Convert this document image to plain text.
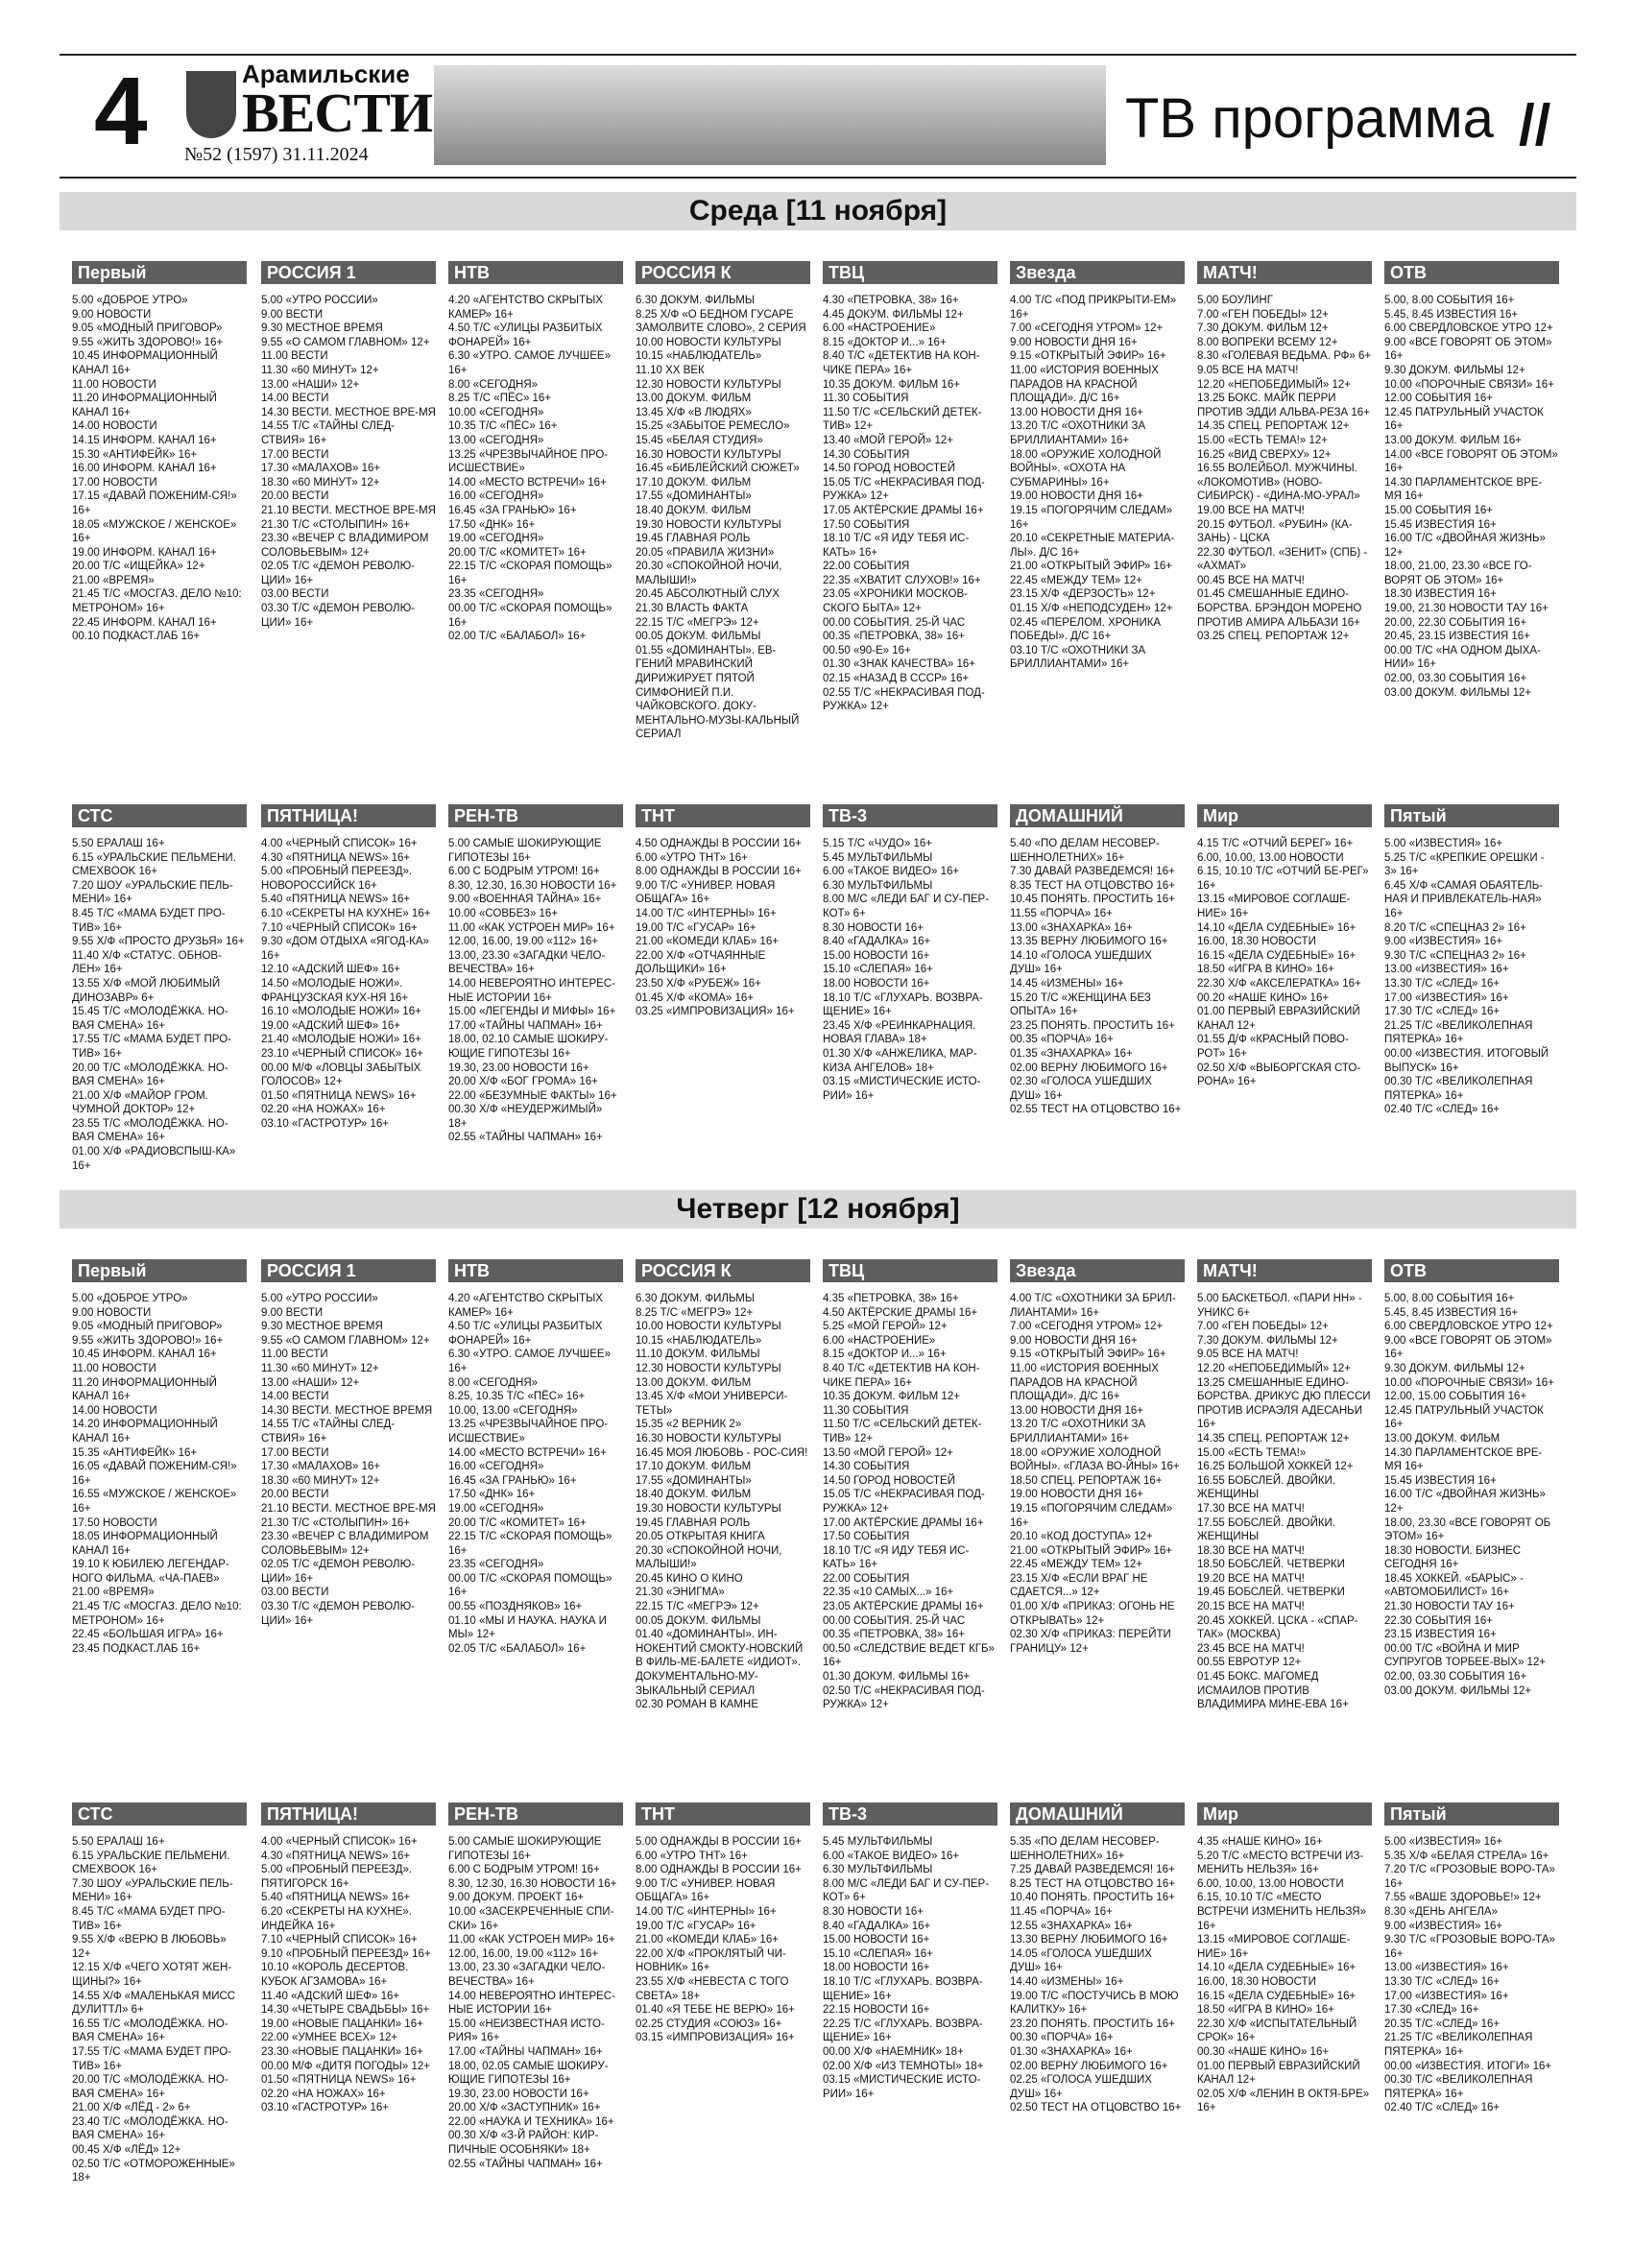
4	Арамильские
ВЕСТИ
№52 (1597) 31.11.2024
ТВ программа //
Среда [11 ноября]
Первый
5.00 «ДОБРОЕ УТРО»
9.00 НОВОСТИ
9.05 «МОДНЫЙ ПРИГОВОР»
9.55 «ЖИТЬ ЗДОРОВО!» 16+
10.45 ИНФОРМАЦИОННЫЙ КАНАЛ 16+
11.00 НОВОСТИ
11.20 ИНФОРМАЦИОННЫЙ КАНАЛ 16+
14.00 НОВОСТИ
14.15 ИНФОРМ. КАНАЛ 16+
15.30 «АНТИФЕЙК» 16+
16.00 ИНФОРМ. КАНАЛ 16+
17.00 НОВОСТИ
17.15 «ДАВАЙ ПОЖЕНИМ-СЯ!» 16+
18.05 «МУЖСКОЕ / ЖЕНСКОЕ» 16+
19.00 ИНФОРМ. КАНАЛ 16+
20.00 Т/С «ИЩЕЙКА» 12+
21.00 «ВРЕМЯ»
21.45 Т/С «МОСГАЗ. ДЕЛО №10: МЕТРОНОМ» 16+
22.45 ИНФОРМ. КАНАЛ 16+
00.10 ПОДКАСТ.ЛАБ 16+
СТС
5.50 ЕРАЛАШ 16+
6.15 «УРАЛЬСКИЕ ПЕЛЬМЕНИ. СМЕХBOOK 16+
7.20 ШОУ «УРАЛЬСКИЕ ПЕЛЬ-МЕНИ» 16+
8.45 Т/С «МАМА БУДЕТ ПРО-ТИВ» 16+
9.55 Х/Ф «ПРОСТО ДРУЗЬЯ» 16+
11.40 Х/Ф «СТАТУС. ОБНОВ-ЛЕН» 16+
13.55 Х/Ф «МОЙ ЛЮБИМЫЙ ДИНОЗАВР» 6+
15.45 Т/С «МОЛОДЁЖКА. НО-ВАЯ СМЕНА» 16+
17.55 Т/С «МАМА БУДЕТ ПРО-ТИВ» 16+
20.00 Т/С «МОЛОДЁЖКА. НО-ВАЯ СМЕНА» 16+
21.00 Х/Ф «МАЙОР ГРОМ. ЧУМНОЙ ДОКТОР» 12+
23.55 Т/С «МОЛОДЁЖКА. НО-ВАЯ СМЕНА» 16+
01.00 Х/Ф «РАДИОВСПЫШ-КА» 16+
РОССИЯ 1
5.00 «УТРО РОССИИ»
9.00 ВЕСТИ
9.30 МЕСТНОЕ ВРЕМЯ
9.55 «О САМОМ ГЛАВНОМ» 12+
11.00 ВЕСТИ
11.30 «60 МИНУТ» 12+
13.00 «НАШИ» 12+
14.00 ВЕСТИ
14.30 ВЕСТИ. МЕСТНОЕ ВРЕ-МЯ
14.55 Т/С «ТАЙНЫ СЛЕД-СТВИЯ» 16+
17.00 ВЕСТИ
17.30 «МАЛАХОВ» 16+
18.30 «60 МИНУТ» 12+
20.00 ВЕСТИ
21.10 ВЕСТИ. МЕСТНОЕ ВРЕ-МЯ
21.30 Т/С «СТОЛЫПИН» 16+
23.30 «ВЕЧЕР С ВЛАДИМИРОМ СОЛОВЬЕВЫМ» 12+
02.05 Т/С «ДЕМОН РЕВОЛЮ-ЦИИ» 16+
03.00 ВЕСТИ
03.30 Т/С «ДЕМОН РЕВОЛЮ-ЦИИ» 16+
ПЯТНИЦА!
4.00 «ЧЕРНЫЙ СПИСОК» 16+
4.30 «ПЯТНИЦА NEWS» 16+
5.00 «ПРОБНЫЙ ПЕРЕЕЗД». НОВОРОССИЙСК 16+
5.40 «ПЯТНИЦА NEWS» 16+
6.10 «СЕКРЕТЫ НА КУХНЕ» 16+
7.10 «ЧЕРНЫЙ СПИСОК» 16+
9.30 «ДОМ ОТДЫХА «ЯГОД-КА» 16+
12.10 «АДСКИЙ ШЕФ» 16+
14.50 «МОЛОДЫЕ НОЖИ». ФРАНЦУЗСКАЯ КУХ-НЯ 16+
16.10 «МОЛОДЫЕ НОЖИ» 16+
19.00 «АДСКИЙ ШЕФ» 16+
21.40 «МОЛОДЫЕ НОЖИ» 16+
23.10 «ЧЕРНЫЙ СПИСОК» 16+
00.00 М/Ф «ЛОВЦЫ ЗАБЫТЫХ ГОЛОСОВ» 12+
01.50 «ПЯТНИЦА NEWS» 16+
02.20 «НА НОЖАХ» 16+
03.10 «ГАСТРОТУР» 16+
НТВ
4.20 «АГЕНТСТВО СКРЫТЫХ КАМЕР» 16+
4.50 Т/С «УЛИЦЫ РАЗБИТЫХ ФОНАРЕЙ» 16+
6.30 «УТРО. САМОЕ ЛУЧШЕЕ» 16+
8.00 «СЕГОДНЯ»
8.25 Т/С «ПЁС» 16+
10.00 «СЕГОДНЯ»
10.35 Т/С «ПЁС» 16+
13.00 «СЕГОДНЯ»
13.25 «ЧРЕЗВЫЧАЙНОЕ ПРО-ИСШЕСТВИЕ»
14.00 «МЕСТО ВСТРЕЧИ» 16+
16.00 «СЕГОДНЯ»
16.45 «ЗА ГРАНЬЮ» 16+
17.50 «ДНК» 16+
19.00 «СЕГОДНЯ»
20.00 Т/С «КОМИТЕТ» 16+
22.15 Т/С «СКОРАЯ ПОМОЩЬ» 16+
23.35 «СЕГОДНЯ»
00.00 Т/С «СКОРАЯ ПОМОЩЬ» 16+
02.00 Т/С «БАЛАБОЛ» 16+
РЕН-ТВ
5.00 САМЫЕ ШОКИРУЮЩИЕ ГИПОТЕЗЫ 16+
6.00 С БОДРЫМ УТРОМ! 16+
8.30, 12.30, 16.30 НОВОСТИ 16+
9.00 «ВОЕННАЯ ТАЙНА» 16+
10.00 «СОВБЕЗ» 16+
11.00 «КАК УСТРОЕН МИР» 16+
12.00, 16.00, 19.00 «112» 16+
13.00, 23.30 «ЗАГАДКИ ЧЕЛО-ВЕЧЕСТВА» 16+
14.00 НЕВЕРОЯТНО ИНТЕРЕС-НЫЕ ИСТОРИИ 16+
15.00 «ЛЕГЕНДЫ И МИФЫ» 16+
17.00 «ТАЙНЫ ЧАПМАН» 16+
18.00, 02.10 САМЫЕ ШОКИРУ-ЮЩИЕ ГИПОТЕЗЫ 16+
19.30, 23.00 НОВОСТИ 16+
20.00 Х/Ф «БОГ ГРОМА» 16+
22.00 «БЕЗУМНЫЕ ФАКТЫ» 16+
00.30 Х/Ф «НЕУДЕРЖИМЫЙ» 18+
02.55 «ТАЙНЫ ЧАПМАН» 16+
РОССИЯ К
6.30 ДОКУМ. ФИЛЬМЫ
8.25 Х/Ф «О БЕДНОМ ГУСАРЕ ЗАМОЛВИТЕ СЛОВО», 2 СЕРИЯ
10.00 НОВОСТИ КУЛЬТУРЫ
10.15 «НАБЛЮДАТЕЛЬ»
11.10 XX ВЕК
12.30 НОВОСТИ КУЛЬТУРЫ
13.00 ДОКУМ. ФИЛЬМ
13.45 Х/Ф «В ЛЮДЯХ»
15.25 «ЗАБЫТОЕ РЕМЕСЛО»
15.45 «БЕЛАЯ СТУДИЯ»
16.30 НОВОСТИ КУЛЬТУРЫ
16.45 «БИБЛЕЙСКИЙ СЮЖЕТ»
17.10 ДОКУМ. ФИЛЬМ
17.55 «ДОМИНАНТЫ»
18.40 ДОКУМ. ФИЛЬМ
19.30 НОВОСТИ КУЛЬТУРЫ
19.45 ГЛАВНАЯ РОЛЬ
20.05 «ПРАВИЛА ЖИЗНИ»
20.30 «СПОКОЙНОЙ НОЧИ, МАЛЫШИ!»
20.45 АБСОЛЮТНЫЙ СЛУХ
21.30 ВЛАСТЬ ФАКТА
22.15 Т/С «МЕГРЭ» 12+
00.05 ДОКУМ. ФИЛЬМЫ
01.55 «ДОМИНАНТЫ». ЕВ-ГЕНИЙ МРАВИНСКИЙ ДИРИЖИРУЕТ ПЯТОЙ СИМФОНИЕЙ П.И. ЧАЙКОВСКОГО. ДОКУ-МЕНТАЛЬНО-МУЗЫ-КАЛЬНЫЙ СЕРИАЛ
ТНТ
4.50 ОДНАЖДЫ В РОССИИ 16+
6.00 «УТРО ТНТ» 16+
8.00 ОДНАЖДЫ В РОССИИ 16+
9.00 Т/С «УНИВЕР. НОВАЯ ОБЩАГА» 16+
14.00 Т/С «ИНТЕРНЫ» 16+
19.00 Т/С «ГУСАР» 16+
21.00 «КОМЕДИ КЛАБ» 16+
22.00 Х/Ф «ОТЧАЯННЫЕ ДОЛЬЩИКИ» 16+
23.50 Х/Ф «РУБЕЖ» 16+
01.45 Х/Ф «КОМА» 16+
03.25 «ИМПРОВИЗАЦИЯ» 16+
ТВЦ
4.30 «ПЕТРОВКА, 38» 16+
4.45 ДОКУМ. ФИЛЬМЫ 12+
6.00 «НАСТРОЕНИЕ»
8.15 «ДОКТОР И...» 16+
8.40 Т/С «ДЕТЕКТИВ НА КОН-ЧИКЕ ПЕРА» 16+
10.35 ДОКУМ. ФИЛЬМ 16+
11.30 СОБЫТИЯ
11.50 Т/С «СЕЛЬСКИЙ ДЕТЕК-ТИВ» 12+
13.40 «МОЙ ГЕРОЙ» 12+
14.30 СОБЫТИЯ
14.50 ГОРОД НОВОСТЕЙ
15.05 Т/С «НЕКРАСИВАЯ ПОД-РУЖКА» 12+
17.05 АКТЁРСКИЕ ДРАМЫ 16+
17.50 СОБЫТИЯ
18.10 Т/С «Я ИДУ ТЕБЯ ИС-КАТЬ» 16+
22.00 СОБЫТИЯ
22.35 «ХВАТИТ СЛУХОВ!» 16+
23.05 «ХРОНИКИ МОСКОВ-СКОГО БЫТА» 12+
00.00 СОБЫТИЯ. 25-Й ЧАС
00.35 «ПЕТРОВКА, 38» 16+
00.50 «90-Е» 16+
01.30 «ЗНАК КАЧЕСТВА» 16+
02.15 «НАЗАД В СССР» 16+
02.55 Т/С «НЕКРАСИВАЯ ПОД-РУЖКА» 12+
ТВ-3
5.15 Т/С «ЧУДО» 16+
5.45 МУЛЬТФИЛЬМЫ
6.00 «ТАКОЕ ВИДЕО» 16+
6.30 МУЛЬТФИЛЬМЫ
8.00 М/С «ЛЕДИ БАГ И СУ-ПЕР-КОТ» 6+
8.30 НОВОСТИ 16+
8.40 «ГАДАЛКА» 16+
15.00 НОВОСТИ 16+
15.10 «СЛЕПАЯ» 16+
18.00 НОВОСТИ 16+
18.10 Т/С «ГЛУХАРЬ. ВОЗВРА-ЩЕНИЕ» 16+
23.45 Х/Ф «РЕИНКАРНАЦИЯ. НОВАЯ ГЛАВА» 18+
01.30 Х/Ф «АНЖЕЛИКА, МАР-КИЗА АНГЕЛОВ» 18+
03.15 «МИСТИЧЕСКИЕ ИСТО-РИИ» 16+
Звезда
4.00 Т/С «ПОД ПРИКРЫТИ-ЕМ» 16+
7.00 «СЕГОДНЯ УТРОМ» 12+
9.00 НОВОСТИ ДНЯ 16+
9.15 «ОТКРЫТЫЙ ЭФИР» 16+
11.00 «ИСТОРИЯ ВОЕННЫХ ПАРАДОВ НА КРАСНОЙ ПЛОЩАДИ». Д/С 16+
13.00 НОВОСТИ ДНЯ 16+
13.20 Т/С «ОХОТНИКИ ЗА БРИЛЛИАНТАМИ» 16+
18.00 «ОРУЖИЕ ХОЛОДНОЙ ВОЙНЫ». «ОХОТА НА СУБМАРИНЫ» 16+
19.00 НОВОСТИ ДНЯ 16+
19.15 «ПОГОРЯЧИМ СЛЕДАМ» 16+
20.10 «СЕКРЕТНЫЕ МАТЕРИА-ЛЫ». Д/С 16+
21.00 «ОТКРЫТЫЙ ЭФИР» 16+
22.45 «МЕЖДУ ТЕМ» 12+
23.15 Х/Ф «ДЕРЗОСТЬ» 12+
01.15 Х/Ф «НЕПОДСУДЕН» 12+
02.45 «ПЕРЕЛОМ. ХРОНИКА ПОБЕДЫ». Д/С 16+
03.10 Т/С «ОХОТНИКИ ЗА БРИЛЛИАНТАМИ» 16+
ДОМАШНИЙ
5.40 «ПО ДЕЛАМ НЕСОВЕР-ШЕННОЛЕТНИХ» 16+
7.30 ДАВАЙ РАЗВЕДЕМСЯ! 16+
8.35 ТЕСТ НА ОТЦОВСТВО 16+
10.45 ПОНЯТЬ. ПРОСТИТЬ 16+
11.55 «ПОРЧА» 16+
13.00 «ЗНАХАРКА» 16+
13.35 ВЕРНУ ЛЮБИМОГО 16+
14.10 «ГОЛОСА УШЕДШИХ ДУШ» 16+
14.45 «ИЗМЕНЫ» 16+
15.20 Т/С «ЖЕНЩИНА БЕЗ ОПЫТА» 16+
23.25 ПОНЯТЬ. ПРОСТИТЬ 16+
00.35 «ПОРЧА» 16+
01.35 «ЗНАХАРКА» 16+
02.00 ВЕРНУ ЛЮБИМОГО 16+
02.30 «ГОЛОСА УШЕДШИХ ДУШ» 16+
02.55 ТЕСТ НА ОТЦОВСТВО 16+
МАТЧ!
5.00 БОУЛИНГ
7.00 «ГЕН ПОБЕДЫ» 12+
7.30 ДОКУМ. ФИЛЬМ 12+
8.00 ВОПРЕКИ ВСЕМУ 12+
8.30 «ГОЛЕВАЯ ВЕДЬМА. РФ» 6+
9.05 ВСЕ НА МАТЧ!
12.20 «НЕПОБЕДИМЫЙ» 12+
13.25 БОКС. МАЙК ПЕРРИ ПРОТИВ ЭДДИ АЛЬВА-РЕЗА 16+
14.35 СПЕЦ. РЕПОРТАЖ 12+
15.00 «ЕСТЬ ТЕМА!» 12+
16.25 «ВИД СВЕРХУ» 12+
16.55 ВОЛЕЙБОЛ. МУЖЧИНЫ. «ЛОКОМОТИВ» (НОВО-СИБИРСК) - «ДИНА-МО-УРАЛ»
19.00 ВСЕ НА МАТЧ!
20.15 ФУТБОЛ. «РУБИН» (КА-ЗАНЬ) - ЦСКА
22.30 ФУТБОЛ. «ЗЕНИТ» (СПБ) - «АХМАТ»
00.45 ВСЕ НА МАТЧ!
01.45 СМЕШАННЫЕ ЕДИНО-БОРСТВА. БРЭНДОН МОРЕНО ПРОТИВ АМИРА АЛЬБАЗИ 16+
03.25 СПЕЦ. РЕПОРТАЖ 12+
Мир
4.15 Т/С «ОТЧИЙ БЕРЕГ» 16+
6.00, 10.00, 13.00 НОВОСТИ
6.15, 10.10 Т/С «ОТЧИЙ БЕ-РЕГ» 16+
13.15 «МИРОВОЕ СОГЛАШЕ-НИЕ» 16+
14.10 «ДЕЛА СУДЕБНЫЕ» 16+
16.00, 18.30 НОВОСТИ
16.15 «ДЕЛА СУДЕБНЫЕ» 16+
18.50 «ИГРА В КИНО» 16+
22.30 Х/Ф «АКСЕЛЕРАТКА» 16+
00.20 «НАШЕ КИНО» 16+
01.00 ПЕРВЫЙ ЕВРАЗИЙСКИЙ КАНАЛ 12+
01.55 Д/Ф «КРАСНЫЙ ПОВО-РОТ» 16+
02.50 Х/Ф «ВЫБОРГСКАЯ СТО-РОНА» 16+
ОТВ
5.00, 8.00 СОБЫТИЯ 16+
5.45, 8.45 ИЗВЕСТИЯ 16+
6.00 СВЕРДЛОВСКОЕ УТРО 12+
9.00 «ВСЕ ГОВОРЯТ ОБ ЭТОМ» 16+
9.30 ДОКУМ. ФИЛЬМЫ 12+
10.00 «ПОРОЧНЫЕ СВЯЗИ» 16+
12.00 СОБЫТИЯ 16+
12.45 ПАТРУЛЬНЫЙ УЧАСТОК 16+
13.00 ДОКУМ. ФИЛЬМ 16+
14.00 «ВСЕ ГОВОРЯТ ОБ ЭТОМ» 16+
14.30 ПАРЛАМЕНТСКОЕ ВРЕ-МЯ 16+
15.00 СОБЫТИЯ 16+
15.45 ИЗВЕСТИЯ 16+
16.00 Т/С «ДВОЙНАЯ ЖИЗНЬ» 12+
18.00, 21.00, 23.30 «ВСЕ ГО-ВОРЯТ ОБ ЭТОМ» 16+
18.30 ИЗВЕСТИЯ 16+
19.00, 21.30 НОВОСТИ ТАУ 16+
20.00, 22.30 СОБЫТИЯ 16+
20.45, 23.15 ИЗВЕСТИЯ 16+
00.00 Т/С «НА ОДНОМ ДЫХА-НИИ» 16+
02.00, 03.30 СОБЫТИЯ 16+
03.00 ДОКУМ. ФИЛЬМЫ 12+
Пятый
5.00 «ИЗВЕСТИЯ» 16+
5.25 Т/С «КРЕПКИЕ ОРЕШКИ - 3» 16+
6.45 Х/Ф «САМАЯ ОБАЯТЕЛЬ-НАЯ И ПРИВЛЕКАТЕЛЬ-НАЯ» 16+
8.20 Т/С «СПЕЦНАЗ 2» 16+
9.00 «ИЗВЕСТИЯ» 16+
9.30 Т/С «СПЕЦНАЗ 2» 16+
13.00 «ИЗВЕСТИЯ» 16+
13.30 Т/С «СЛЕД» 16+
17.00 «ИЗВЕСТИЯ» 16+
17.30 Т/С «СЛЕД» 16+
21.25 Т/С «ВЕЛИКОЛЕПНАЯ ПЯТЕРКА» 16+
00.00 «ИЗВЕСТИЯ. ИТОГОВЫЙ ВЫПУСК» 16+
00.30 Т/С «ВЕЛИКОЛЕПНАЯ ПЯТЕРКА» 16+
02.40 Т/С «СЛЕД» 16+
Четверг [12 ноября]
Первый
5.00 «ДОБРОЕ УТРО»
9.00 НОВОСТИ
9.05 «МОДНЫЙ ПРИГОВОР»
9.55 «ЖИТЬ ЗДОРОВО!» 16+
10.45 ИНФОРМ. КАНАЛ 16+
11.00 НОВОСТИ
11.20 ИНФОРМАЦИОННЫЙ КАНАЛ 16+
14.00 НОВОСТИ
14.20 ИНФОРМАЦИОННЫЙ КАНАЛ 16+
15.35 «АНТИФЕЙК» 16+
16.05 «ДАВАЙ ПОЖЕНИМ-СЯ!» 16+
16.55 «МУЖСКОЕ / ЖЕНСКОЕ» 16+
17.50 НОВОСТИ
18.05 ИНФОРМАЦИОННЫЙ КАНАЛ 16+
19.10 К ЮБИЛЕЮ ЛЕГЕНДАР-НОГО ФИЛЬМА. «ЧА-ПАЕВ»
21.00 «ВРЕМЯ»
21.45 Т/С «МОСГАЗ. ДЕЛО №10: МЕТРОНОМ» 16+
22.45 «БОЛЬШАЯ ИГРА» 16+
23.45 ПОДКАСТ.ЛАБ 16+
СТС
5.50 ЕРАЛАШ 16+
6.15 УРАЛЬСКИЕ ПЕЛЬМЕНИ. СМЕХBOOK 16+
7.30 ШОУ «УРАЛЬСКИЕ ПЕЛЬ-МЕНИ» 16+
8.45 Т/С «МАМА БУДЕТ ПРО-ТИВ» 16+
9.55 Х/Ф «ВЕРЮ В ЛЮБОВЬ» 12+
12.15 Х/Ф «ЧЕГО ХОТЯТ ЖЕН-ЩИНЫ?» 16+
14.55 Х/Ф «МАЛЕНЬКАЯ МИСС ДУЛИТТЛ» 6+
16.55 Т/С «МОЛОДЁЖКА. НО-ВАЯ СМЕНА» 16+
17.55 Т/С «МАМА БУДЕТ ПРО-ТИВ» 16+
20.00 Т/С «МОЛОДЁЖКА. НО-ВАЯ СМЕНА» 16+
21.00 Х/Ф «ЛЁД - 2» 6+
23.40 Т/С «МОЛОДЁЖКА. НО-ВАЯ СМЕНА» 16+
00.45 Х/Ф «ЛЁД» 12+
02.50 Т/С «ОТМОРОЖЕННЫЕ» 18+
РОССИЯ 1
5.00 «УТРО РОССИИ»
9.00 ВЕСТИ
9.30 МЕСТНОЕ ВРЕМЯ
9.55 «О САМОМ ГЛАВНОМ» 12+
11.00 ВЕСТИ
11.30 «60 МИНУТ» 12+
13.00 «НАШИ» 12+
14.00 ВЕСТИ
14.30 ВЕСТИ. МЕСТНОЕ ВРЕМЯ
14.55 Т/С «ТАЙНЫ СЛЕД-СТВИЯ» 16+
17.00 ВЕСТИ
17.30 «МАЛАХОВ» 16+
18.30 «60 МИНУТ» 12+
20.00 ВЕСТИ
21.10 ВЕСТИ. МЕСТНОЕ ВРЕ-МЯ
21.30 Т/С «СТОЛЫПИН» 16+
23.30 «ВЕЧЕР С ВЛАДИМИРОМ СОЛОВЬЕВЫМ» 12+
02.05 Т/С «ДЕМОН РЕВОЛЮ-ЦИИ» 16+
03.00 ВЕСТИ
03.30 Т/С «ДЕМОН РЕВОЛЮ-ЦИИ» 16+
ПЯТНИЦА!
4.00 «ЧЕРНЫЙ СПИСОК» 16+
4.30 «ПЯТНИЦА NEWS» 16+
5.00 «ПРОБНЫЙ ПЕРЕЕЗД». ПЯТИГОРСК 16+
5.40 «ПЯТНИЦА NEWS» 16+
6.20 «СЕКРЕТЫ НА КУХНЕ». ИНДЕЙКА 16+
7.10 «ЧЕРНЫЙ СПИСОК» 16+
9.10 «ПРОБНЫЙ ПЕРЕЕЗД» 16+
10.10 «КОРОЛЬ ДЕСЕРТОВ. КУБОК АГЗАМОВА» 16+
11.40 «АДСКИЙ ШЕФ» 16+
14.30 «ЧЕТЫРЕ СВАДЬБЫ» 16+
19.00 «НОВЫЕ ПАЦАНКИ» 16+
22.00 «УМНЕЕ ВСЕХ» 12+
23.30 «НОВЫЕ ПАЦАНКИ» 16+
00.00 М/Ф «ДИТЯ ПОГОДЫ» 12+
01.50 «ПЯТНИЦА NEWS» 16+
02.20 «НА НОЖАХ» 16+
03.10 «ГАСТРОТУР» 16+
НТВ
4.20 «АГЕНТСТВО СКРЫТЫХ КАМЕР» 16+
4.50 Т/С «УЛИЦЫ РАЗБИТЫХ ФОНАРЕЙ» 16+
6.30 «УТРО. САМОЕ ЛУЧШЕЕ» 16+
8.00 «СЕГОДНЯ»
8.25, 10.35 Т/С «ПЁС» 16+
10.00, 13.00 «СЕГОДНЯ»
13.25 «ЧРЕЗВЫЧАЙНОЕ ПРО-ИСШЕСТВИЕ»
14.00 «МЕСТО ВСТРЕЧИ» 16+
16.00 «СЕГОДНЯ»
16.45 «ЗА ГРАНЬЮ» 16+
17.50 «ДНК» 16+
19.00 «СЕГОДНЯ»
20.00 Т/С «КОМИТЕТ» 16+
22.15 Т/С «СКОРАЯ ПОМОЩЬ» 16+
23.35 «СЕГОДНЯ»
00.00 Т/С «СКОРАЯ ПОМОЩЬ» 16+
00.55 «ПОЗДНЯКОВ» 16+
01.10 «МЫ И НАУКА. НАУКА И МЫ» 12+
02.05 Т/С «БАЛАБОЛ» 16+
РЕН-ТВ
5.00 САМЫЕ ШОКИРУЮЩИЕ ГИПОТЕЗЫ 16+
6.00 С БОДРЫМ УТРОМ! 16+
8.30, 12.30, 16.30 НОВОСТИ 16+
9.00 ДОКУМ. ПРОЕКТ 16+
10.00 «ЗАСЕКРЕЧЕННЫЕ СПИ-СКИ» 16+
11.00 «КАК УСТРОЕН МИР» 16+
12.00, 16.00, 19.00 «112» 16+
13.00, 23.30 «ЗАГАДКИ ЧЕЛО-ВЕЧЕСТВА» 16+
14.00 НЕВЕРОЯТНО ИНТЕРЕС-НЫЕ ИСТОРИИ 16+
15.00 «НЕИЗВЕСТНАЯ ИСТО-РИЯ» 16+
17.00 «ТАЙНЫ ЧАПМАН» 16+
18.00, 02.05 САМЫЕ ШОКИРУ-ЮЩИЕ ГИПОТЕЗЫ 16+
19.30, 23.00 НОВОСТИ 16+
20.00 Х/Ф «ЗАСТУПНИК» 16+
22.00 «НАУКА И ТЕХНИКА» 16+
00.30 Х/Ф «З-Й РАЙОН: КИР-ПИЧНЫЕ ОСОБНЯКИ» 18+
02.55 «ТАЙНЫ ЧАПМАН» 16+
РОССИЯ К
6.30 ДОКУМ. ФИЛЬМЫ
8.25 Т/С «МЕГРЭ» 12+
10.00 НОВОСТИ КУЛЬТУРЫ
10.15 «НАБЛЮДАТЕЛЬ»
11.10 ДОКУМ. ФИЛЬМЫ
12.30 НОВОСТИ КУЛЬТУРЫ
13.00 ДОКУМ. ФИЛЬМ
13.45 Х/Ф «МОИ УНИВЕРСИ-ТЕТЫ»
15.35 «2 ВЕРНИК 2»
16.30 НОВОСТИ КУЛЬТУРЫ
16.45 МОЯ ЛЮБОВЬ - РОС-СИЯ!
17.10 ДОКУМ. ФИЛЬМ
17.55 «ДОМИНАНТЫ»
18.40 ДОКУМ. ФИЛЬМ
19.30 НОВОСТИ КУЛЬТУРЫ
19.45 ГЛАВНАЯ РОЛЬ
20.05 ОТКРЫТАЯ КНИГА
20.30 «СПОКОЙНОЙ НОЧИ, МАЛЫШИ!»
20.45 КИНО О КИНО
21.30 «ЭНИГМА»
22.15 Т/С «МЕГРЭ» 12+
00.05 ДОКУМ. ФИЛЬМЫ
01.40 «ДОМИНАНТЫ». ИН-НОКЕНТИЙ СМОКТУ-НОВСКИЙ В ФИЛЬ-МЕ-БАЛЕТЕ «ИДИОТ». ДОКУМЕНТАЛЬНО-МУ-ЗЫКАЛЬНЫЙ СЕРИАЛ
02.30 РОМАН В КАМНЕ
ТНТ
5.00 ОДНАЖДЫ В РОССИИ 16+
6.00 «УТРО ТНТ» 16+
8.00 ОДНАЖДЫ В РОССИИ 16+
9.00 Т/С «УНИВЕР. НОВАЯ ОБЩАГА» 16+
14.00 Т/С «ИНТЕРНЫ» 16+
19.00 Т/С «ГУСАР» 16+
21.00 «КОМЕДИ КЛАБ» 16+
22.00 Х/Ф «ПРОКЛЯТЫЙ ЧИ-НОВНИК» 16+
23.55 Х/Ф «НЕВЕСТА С ТОГО СВЕТА» 18+
01.40 «Я ТЕБЕ НЕ ВЕРЮ» 16+
02.25 СТУДИЯ «СОЮЗ» 16+
03.15 «ИМПРОВИЗАЦИЯ» 16+
ТВЦ
4.35 «ПЕТРОВКА, 38» 16+
4.50 АКТЁРСКИЕ ДРАМЫ 16+
5.25 «МОЙ ГЕРОЙ» 12+
6.00 «НАСТРОЕНИЕ»
8.15 «ДОКТОР И...» 16+
8.40 Т/С «ДЕТЕКТИВ НА КОН-ЧИКЕ ПЕРА» 16+
10.35 ДОКУМ. ФИЛЬМ 12+
11.30 СОБЫТИЯ
11.50 Т/С «СЕЛЬСКИЙ ДЕТЕК-ТИВ» 12+
13.50 «МОЙ ГЕРОЙ» 12+
14.30 СОБЫТИЯ
14.50 ГОРОД НОВОСТЕЙ
15.05 Т/С «НЕКРАСИВАЯ ПОД-РУЖКА» 12+
17.00 АКТЁРСКИЕ ДРАМЫ 16+
17.50 СОБЫТИЯ
18.10 Т/С «Я ИДУ ТЕБЯ ИС-КАТЬ» 16+
22.00 СОБЫТИЯ
22.35 «10 САМЫХ...» 16+
23.05 АКТЁРСКИЕ ДРАМЫ 16+
00.00 СОБЫТИЯ. 25-Й ЧАС
00.35 «ПЕТРОВКА, 38» 16+
00.50 «СЛЕДСТВИЕ ВЕДЕТ КГБ» 16+
01.30 ДОКУМ. ФИЛЬМЫ 16+
02.50 Т/С «НЕКРАСИВАЯ ПОД-РУЖКА» 12+
ТВ-3
5.45 МУЛЬТФИЛЬМЫ
6.00 «ТАКОЕ ВИДЕО» 16+
6.30 МУЛЬТФИЛЬМЫ
8.00 М/С «ЛЕДИ БАГ И СУ-ПЕР-КОТ» 6+
8.30 НОВОСТИ 16+
8.40 «ГАДАЛКА» 16+
15.00 НОВОСТИ 16+
15.10 «СЛЕПАЯ» 16+
18.00 НОВОСТИ 16+
18.10 Т/С «ГЛУХАРЬ. ВОЗВРА-ЩЕНИЕ» 16+
22.15 НОВОСТИ 16+
22.25 Т/С «ГЛУХАРЬ. ВОЗВРА-ЩЕНИЕ» 16+
00.00 Х/Ф «НАЕМНИК» 18+
02.00 Х/Ф «ИЗ ТЕМНОТЫ» 18+
03.15 «МИСТИЧЕСКИЕ ИСТО-РИИ» 16+
Звезда
4.00 Т/С «ОХОТНИКИ ЗА БРИЛ-ЛИАНТАМИ» 16+
7.00 «СЕГОДНЯ УТРОМ» 12+
9.00 НОВОСТИ ДНЯ 16+
9.15 «ОТКРЫТЫЙ ЭФИР» 16+
11.00 «ИСТОРИЯ ВОЕННЫХ ПАРАДОВ НА КРАСНОЙ ПЛОЩАДИ». Д/С 16+
13.00 НОВОСТИ ДНЯ 16+
13.20 Т/С «ОХОТНИКИ ЗА БРИЛЛИАНТАМИ» 16+
18.00 «ОРУЖИЕ ХОЛОДНОЙ ВОЙНЫ». «ГЛАЗА ВО-ЙНЫ» 16+
18.50 СПЕЦ. РЕПОРТАЖ 16+
19.00 НОВОСТИ ДНЯ 16+
19.15 «ПОГОРЯЧИМ СЛЕДАМ» 16+
20.10 «КОД ДОСТУПА» 12+
21.00 «ОТКРЫТЫЙ ЭФИР» 16+
22.45 «МЕЖДУ ТЕМ» 12+
23.15 Х/Ф «ЕСЛИ ВРАГ НЕ СДАЕТСЯ...» 12+
01.00 Х/Ф «ПРИКАЗ: ОГОНЬ НЕ ОТКРЫВАТЬ» 12+
02.30 Х/Ф «ПРИКАЗ: ПЕРЕЙТИ ГРАНИЦУ» 12+
ДОМАШНИЙ
5.35 «ПО ДЕЛАМ НЕСОВЕР-ШЕННОЛЕТНИХ» 16+
7.25 ДАВАЙ РАЗВЕДЕМСЯ! 16+
8.25 ТЕСТ НА ОТЦОВСТВО 16+
10.40 ПОНЯТЬ. ПРОСТИТЬ 16+
11.45 «ПОРЧА» 16+
12.55 «ЗНАХАРКА» 16+
13.30 ВЕРНУ ЛЮБИМОГО 16+
14.05 «ГОЛОСА УШЕДШИХ ДУШ» 16+
14.40 «ИЗМЕНЫ» 16+
19.00 Т/С «ПОСТУЧИСЬ В МОЮ КАЛИТКУ» 16+
23.20 ПОНЯТЬ. ПРОСТИТЬ 16+
00.30 «ПОРЧА» 16+
01.30 «ЗНАХАРКА» 16+
02.00 ВЕРНУ ЛЮБИМОГО 16+
02.25 «ГОЛОСА УШЕДШИХ ДУШ» 16+
02.50 ТЕСТ НА ОТЦОВСТВО 16+
МАТЧ!
5.00 БАСКЕТБОЛ. «ПАРИ НН» - УНИКС 6+
7.00 «ГЕН ПОБЕДЫ» 12+
7.30 ДОКУМ. ФИЛЬМЫ 12+
9.05 ВСЕ НА МАТЧ!
12.20 «НЕПОБЕДИМЫЙ» 12+
13.25 СМЕШАННЫЕ ЕДИНО-БОРСТВА. ДРИКУС ДЮ ПЛЕССИ ПРОТИВ ИСРАЭЛЯ АДЕСАНЬИ 16+
14.35 СПЕЦ. РЕПОРТАЖ 12+
15.00 «ЕСТЬ ТЕМА!»
16.25 БОЛЬШОЙ ХОККЕЙ 12+
16.55 БОБСЛЕЙ. ДВОЙКИ. ЖЕНЩИНЫ
17.30 ВСЕ НА МАТЧ!
17.55 БОБСЛЕЙ. ДВОЙКИ. ЖЕНЩИНЫ
18.30 ВСЕ НА МАТЧ!
18.50 БОБСЛЕЙ. ЧЕТВЕРКИ
19.20 ВСЕ НА МАТЧ!
19.45 БОБСЛЕЙ. ЧЕТВЕРКИ
20.15 ВСЕ НА МАТЧ!
20.45 ХОККЕЙ. ЦСКА - «СПАР-ТАК» (МОСКВА)
23.45 ВСЕ НА МАТЧ!
00.55 ЕВРОТУР 12+
01.45 БОКС. МАГОМЕД ИСМАИЛОВ ПРОТИВ ВЛАДИМИРА МИНЕ-ЕВА 16+
Мир
4.35 «НАШЕ КИНО» 16+
5.20 Т/С «МЕСТО ВСТРЕЧИ ИЗ-МЕНИТЬ НЕЛЬЗЯ» 16+
6.00, 10.00, 13.00 НОВОСТИ
6.15, 10.10 Т/С «МЕСТО ВСТРЕЧИ ИЗМЕНИТЬ НЕЛЬЗЯ» 16+
13.15 «МИРОВОЕ СОГЛАШЕ-НИЕ» 16+
14.10 «ДЕЛА СУДЕБНЫЕ» 16+
16.00, 18.30 НОВОСТИ
16.15 «ДЕЛА СУДЕБНЫЕ» 16+
18.50 «ИГРА В КИНО» 16+
22.30 Х/Ф «ИСПЫТАТЕЛЬНЫЙ СРОК» 16+
00.30 «НАШЕ КИНО» 16+
01.00 ПЕРВЫЙ ЕВРАЗИЙСКИЙ КАНАЛ 12+
02.05 Х/Ф «ЛЕНИН В ОКТЯ-БРЕ» 16+
ОТВ
5.00, 8.00 СОБЫТИЯ 16+
5.45, 8.45 ИЗВЕСТИЯ 16+
6.00 СВЕРДЛОВСКОЕ УТРО 12+
9.00 «ВСЕ ГОВОРЯТ ОБ ЭТОМ» 16+
9.30 ДОКУМ. ФИЛЬМЫ 12+
10.00 «ПОРОЧНЫЕ СВЯЗИ» 16+
12.00, 15.00 СОБЫТИЯ 16+
12.45 ПАТРУЛЬНЫЙ УЧАСТОК 16+
13.00 ДОКУМ. ФИЛЬМ
14.30 ПАРЛАМЕНТСКОЕ ВРЕ-МЯ 16+
15.45 ИЗВЕСТИЯ 16+
16.00 Т/С «ДВОЙНАЯ ЖИЗНЬ» 12+
18.00, 23.30 «ВСЕ ГОВОРЯТ ОБ ЭТОМ» 16+
18.30 НОВОСТИ. БИЗНЕС СЕГОДНЯ 16+
18.45 ХОККЕЙ. «БАРЫС» - «АВТОМОБИЛИСТ» 16+
21.30 НОВОСТИ ТАУ 16+
22.30 СОБЫТИЯ 16+
23.15 ИЗВЕСТИЯ 16+
00.00 Т/С «ВОЙНА И МИР СУПРУГОВ ТОРБЕЕ-ВЫХ» 12+
02.00, 03.30 СОБЫТИЯ 16+
03.00 ДОКУМ. ФИЛЬМЫ 12+
Пятый
5.00 «ИЗВЕСТИЯ» 16+
5.35 Х/Ф «БЕЛАЯ СТРЕЛА» 16+
7.20 Т/С «ГРОЗОВЫЕ ВОРО-ТА» 16+
7.55 «ВАШЕ ЗДОРОВЬЕ!» 12+
8.30 «ДЕНЬ АНГЕЛА»
9.00 «ИЗВЕСТИЯ» 16+
9.30 Т/С «ГРОЗОВЫЕ ВОРО-ТА» 16+
13.00 «ИЗВЕСТИЯ» 16+
13.30 Т/С «СЛЕД» 16+
17.00 «ИЗВЕСТИЯ» 16+
17.30 «СЛЕД» 16+
20.35 Т/С «СЛЕД» 16+
21.25 Т/С «ВЕЛИКОЛЕПНАЯ ПЯТЕРКА» 16+
00.00 «ИЗВЕСТИЯ. ИТОГИ» 16+
00.30 Т/С «ВЕЛИКОЛЕПНАЯ ПЯТЕРКА» 16+
02.40 Т/С «СЛЕД» 16+
